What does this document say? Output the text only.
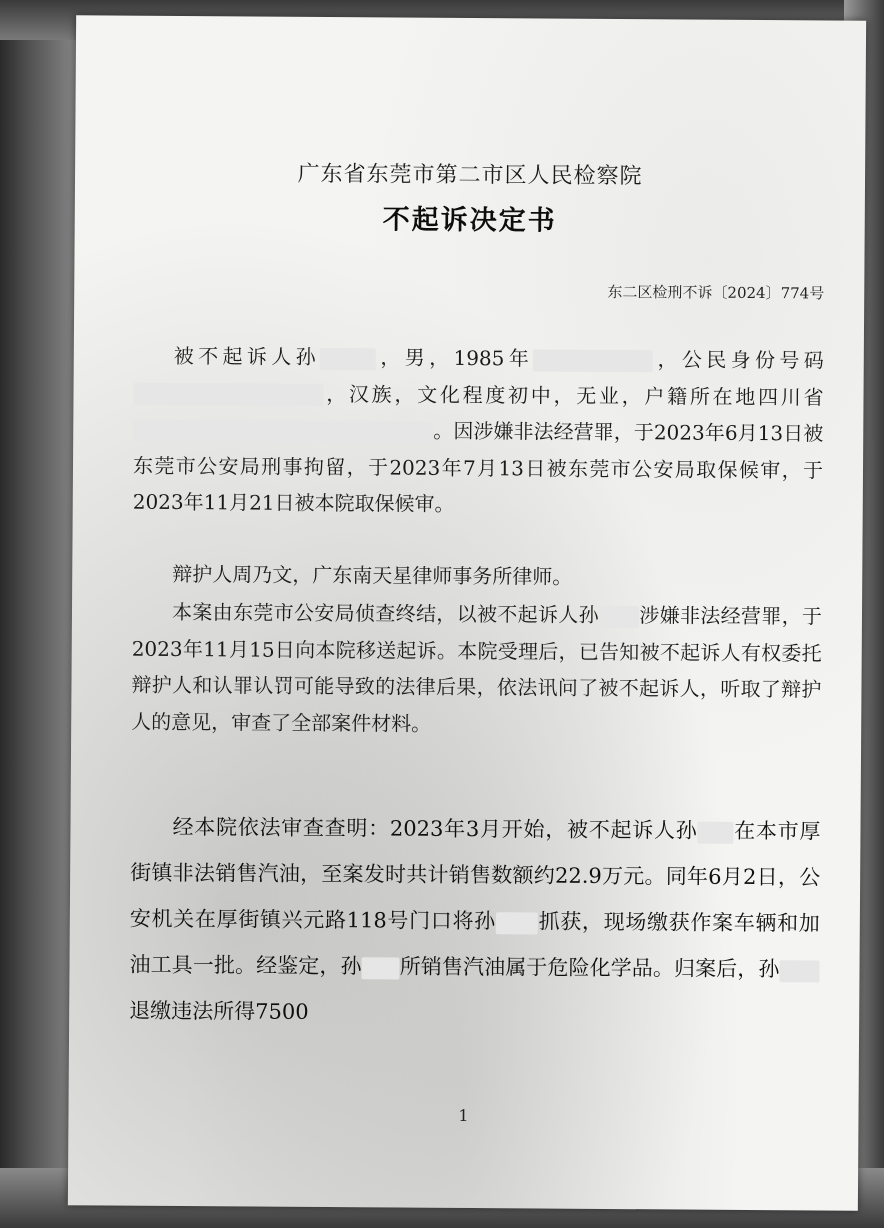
广东省东莞市第二市区人民检察院
不起诉决定书
东二区检刑不诉〔2024〕774号

被不起诉人孙	，男，1985年	，公民身份号码，汉族，文化程度初中，无业，户籍所在地四川省。因涉嫌非法经营罪，于2023年6月13日被东莞市公安局刑事拘留，于2023年7月13日被东莞市公安局取保候审，于2023年11月21日被本院取保候审。

辩护人周乃文，广东南天星律师事务所律师。

本案由东莞市公安局侦查终结，以被不起诉人孙 涉嫌非法经营罪，于2023年11月15日向本院移送起诉。本院受理后，已告知被不起诉人有权委托辩护人和认罪认罚可能导致的法律后果，依法讯问了被不起诉人，听取了辩护人的意见，审查了全部案件材料。

经本院依法审查查明：2023年3月开始，被不起诉人孙 在本市厚街镇非法销售汽油，至案发时共计销售数额约22.9万元。同年6月2日，公安机关在厚街镇兴元路118号门口将孙 抓获，现场缴获作案车辆和加油工具一批。经鉴定，孙 所销售汽油属于危险化学品。归案后，孙退缴违法所得7500

1
